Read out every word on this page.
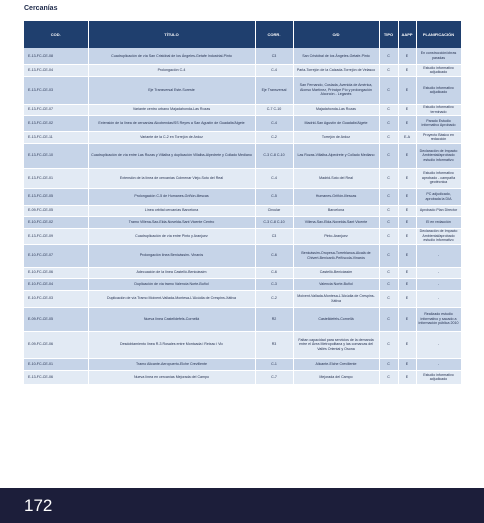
Cercanías
COD.	TÍTULO	CORR.	O/D	TIPO	AAPP	PLANIFICACIÓN
E-13-FC-CE-08	Cuadruplicación de vía San Cristóbal de los Ángeles-Getafe Industrial-Pinto	C3	San Cristóbal de los Ángeles-Getafe-Pinto	C	E	En construcción/obras paradas
E-13-FC-CE-04	Prolongación C-4	C-4	Parla-Torrejón de la Calzada-Torrejón de Velasco	C	E	Estudio informativo adjudicado
E-13-FC-CE-03	Eje Transversal Este-Sureste	Eje Transversal	San Fernando, Coslada, Avenida de América, Alonso Martínez, Príncipe Pío y prolongación Alcorcón - Leganés	C	E	Estudio informativo adjudicado
E-13-FC-CE-07	Variante centro urbano Majadahonda-Las Rozas	C-7 C-10	Majadahonda-Las Rozas	C	E	Estudio informativo terminado
E-13-FC-CE-02	Extensión de la línea de cercanías Alcobendas/SS Reyes a San Agustín de Guadalix/Algete	C-4	Madrid-San Agustín de Guadalix/Algete	C	E	Parado Estudio informativo Aprobado
E-13-FC-CE-11	Variante de la C-2 en Torrejón de Ardoz	C-2	Torrejón de Ardoz	C	E-A	Proyecto Básico en redacción
E-13-FC-CE-10	Cuadruplicación de vía entre Las Rozas y Villalba y duplicación Villalba-Alpedrete y Collado Mediano	C-3 C-8 C-10	Las Rozas-Villalba-Alpedrete y Collado Mediano	C	E	Declaración de Impacto Ambiental/aprobado estudio informativo
E-13-FC-CE-01	Extensión de la línea de cercanías Colmenar Viejo-Soto del Real	C-4	Madrid-Soto del Real	C	E	Estudio informativo aprobado - campaña geotécnica
E-13-FC-CE-05	Prolongación C-5 de Humanes-Griñón-Illescas	C-5	Humanes-Griñón-Illescas	C	E	PC adjudicado, aprobada la DIA
E-09-FC-CE-05	Línea orbital cercanías Barcelona	Circular	Barcelona	C	E	Aprobado Plan Director
E-10-FC-CE-02	Tramo Villena-Sax-Elda-Novelda-Sant Vicente Centro	C-3 C-8 C-10	Villena-Sax-Elda-Novelda-Sant Vicente	C	E	El en redacción
E-13-FC-CE-09	Cuadruplicación de vía entre Pinto y Aranjuez	C3	Pinto-Aranjuez	C	E	Declaración de Impacto Ambiental/aprobado estudio informativo
E-10-FC-CE-07	Prolongación línea Benicàssim- Vinaròs	C-6	Benicàssim-Oropesa-Torreblanca-Alcalà de Chivert-Benicarló-Peñíscola-Vinaròs	C	E	-
E-10-FC-CE-06	Adecuación de la línea Castelló-Benicàssim	C-6	Castelló-Benicàssim	C	E	-
E-10-FC-CE-04	Duplicación de vía tramo Valencia Norte-Buñol	C-3	Valencia Norte-Buñol	C	E	-
E-10-FC-CE-03	Duplicación de vía Tramo Moixent-Vallada-Montesa-L'Alcúdia de Crespins-Xàtiva	C-2	Moixent-Vallada-Montesa-L'Alcúdia de Crespins-Xàtiva	C	E	-
E-09-FC-CE-05	Nueva línea Castelldefels-Cornellà	R2	Castelldefels-Cornellà	C	E	Realizado estudio informativo y sacado a información pública 2010
E-09-FC-CE-06	Desdoblamiento línea R-3 Rosales entre Montcada i Reixac i Vic	R3	Faltan capacidad para servicios de la demanda entre el Área Metropolitana y las comarcas del Vallès Oriental y Osona	C	E	-
E-10-FC-CE-01	Tramo Alicante-Aeropuerto-Elche Crevillente	C-1	Alicante-Elche Crevillente	C	E	-
E-13-FC-CE-06	Nueva línea en cercanías Mejorada del Campo	C-7	Mejorada del Campo	C	E	Estudio informativo adjudicado
172
